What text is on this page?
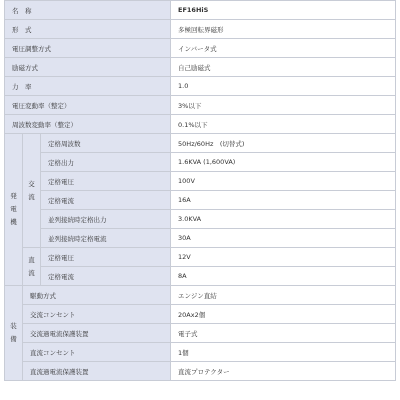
名　称			EF16HiS
形　式			多極回転界磁形
電圧調整方式			インバータ式
励磁方式			自己励磁式
力　率			1.0
電圧変動率（整定）			3%以下
周波数変動率（整定）			0.1%以下
発電機	交流	定格周波数	50Hz/60Hz　(切替式)
		定格出力	1.6KVA (1,600VA)
		定格電圧	100V
		定格電流	16A
		並列接続時定格出力	3.0KVA
		並列接続時定格電流	30A
	直流	定格電圧	12V
		定格電流	8A
装備	駆動方式		エンジン直結
	交流コンセント		20Ax2個
	交流過電流保護装置		電子式
	直流コンセント		1個
	直流過電流保護装置		直流プロテクター
